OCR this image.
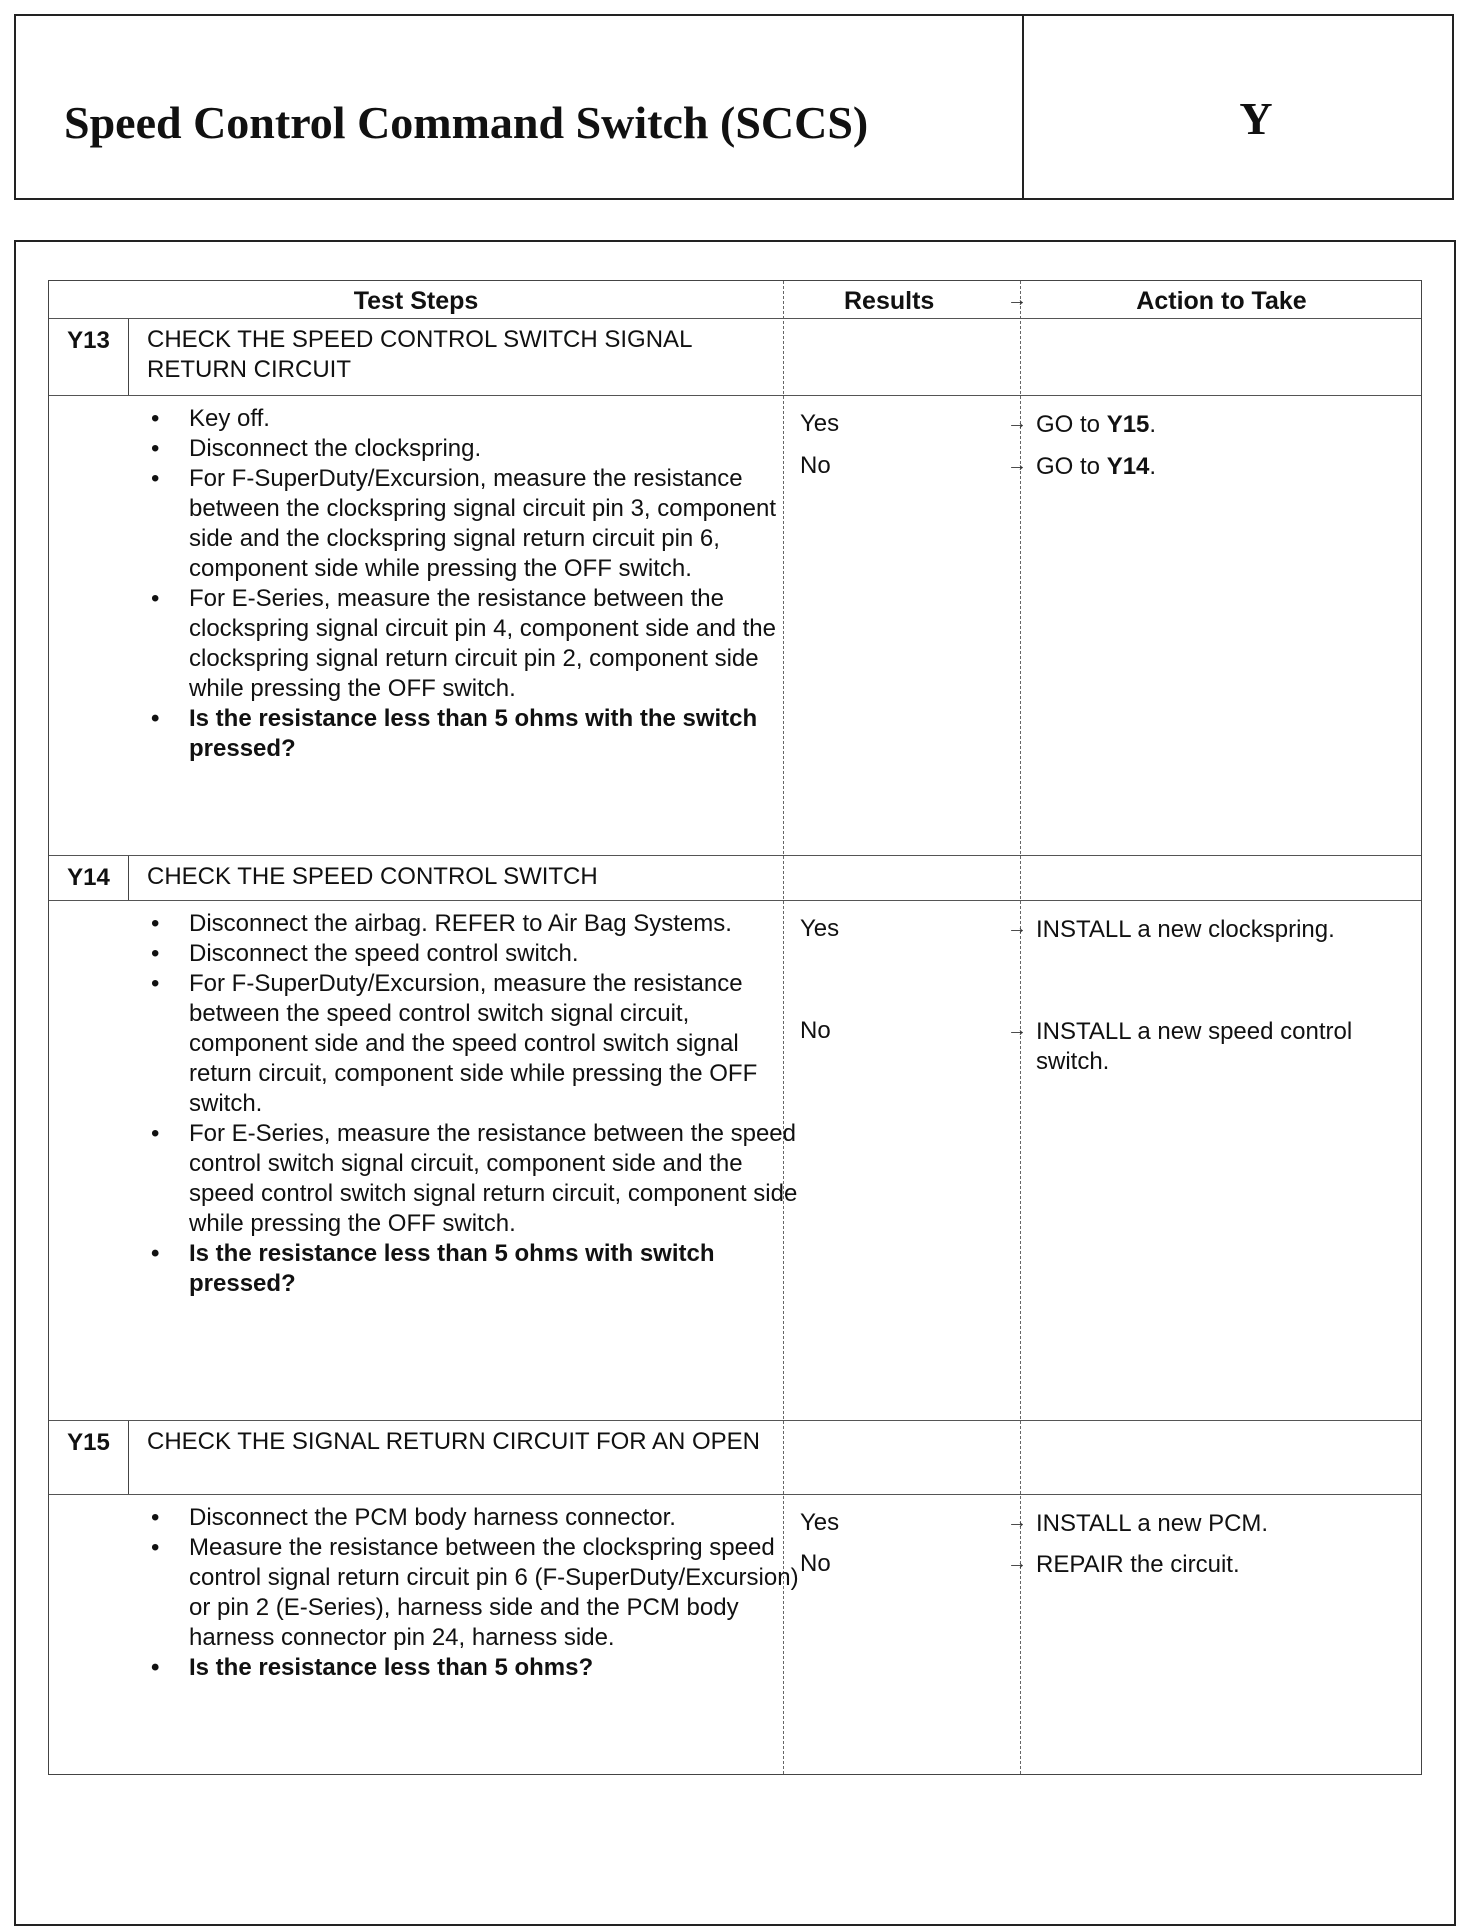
Speed Control Command Switch (SCCS)	Y
Test Steps	Results	→	Action to Take
Y13	CHECK THE SPEED CONTROL SWITCH SIGNAL RETURN CIRCUIT
• Key off.
• Disconnect the clockspring.
• For F-SuperDuty/Excursion, measure the resistance between the clockspring signal circuit pin 3, component side and the clockspring signal return circuit pin 6, component side while pressing the OFF switch.
• For E-Series, measure the resistance between the clockspring signal circuit pin 4, component side and the clockspring signal return circuit pin 2, component side while pressing the OFF switch.
• Is the resistance less than 5 ohms with the switch pressed?
Yes	→ GO to Y15.
No	→ GO to Y14.
Y14	CHECK THE SPEED CONTROL SWITCH
• Disconnect the airbag. REFER to Air Bag Systems.
• Disconnect the speed control switch.
• For F-SuperDuty/Excursion, measure the resistance between the speed control switch signal circuit, component side and the speed control switch signal return circuit, component side while pressing the OFF switch.
• For E-Series, measure the resistance between the speed control switch signal circuit, component side and the speed control switch signal return circuit, component side while pressing the OFF switch.
• Is the resistance less than 5 ohms with switch pressed?
Yes	→ INSTALL a new clockspring.
No	→ INSTALL a new speed control switch.
Y15	CHECK THE SIGNAL RETURN CIRCUIT FOR AN OPEN
• Disconnect the PCM body harness connector.
• Measure the resistance between the clockspring speed control signal return circuit pin 6 (F-SuperDuty/Excursion) or pin 2 (E-Series), harness side and the PCM body harness connector pin 24, harness side.
• Is the resistance less than 5 ohms?
Yes	→ INSTALL a new PCM.
No	→ REPAIR the circuit.
